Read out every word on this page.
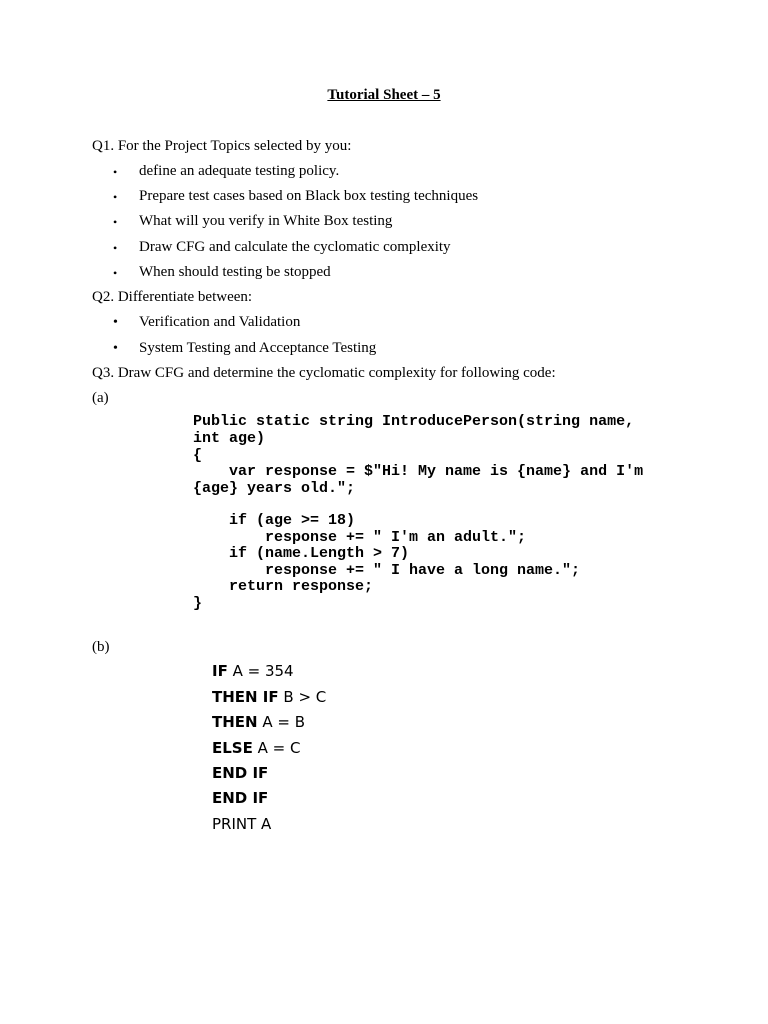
Tutorial Sheet – 5
Q1. For the Project Topics selected by you:
• define an adequate testing policy.
• Prepare test cases based on Black box testing techniques
• What will you verify in White Box testing
• Draw CFG and calculate the cyclomatic complexity
• When should testing be stopped
Q2. Differentiate between:
• Verification and Validation
• System Testing and Acceptance Testing
Q3. Draw CFG and determine the cyclomatic complexity for following code:
(a)
Public static string IntroducePerson(string name,
int age)
{
var response = $"Hi! My name is {name} and I'm
{age} years old.";
if (age >= 18)
response += " I'm an adult.";
if (name.Length > 7)
response += " I have a long name.";
return response;
}
(b)
IF A = 354
THEN IF B > C
THEN A = B
ELSE A = C
END IF
END IF
PRINT A
